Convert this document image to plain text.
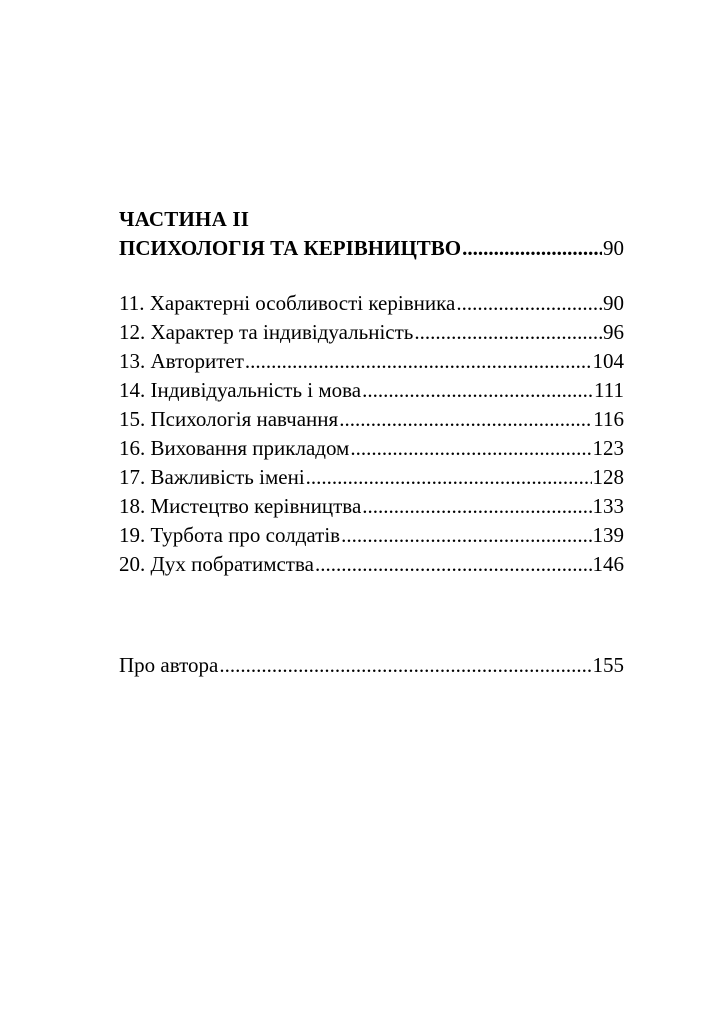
ЧАСТИНА II
ПСИХОЛОГІЯ ТА КЕРІВНИЦТВО .....	90
11. Характерні особливості керівника .....	90
12. Характер та індивідуальність .....	96
13. Авторитет .....	104
14. Індивідуальність і мова .....	111
15. Психологія навчання .....	116
16. Виховання прикладом .....	123
17. Важливість імені .....	128
18. Мистецтво керівництва .....	133
19. Турбота про солдатів .....	139
20. Дух побратимства .....	146
Про автора .....	155
